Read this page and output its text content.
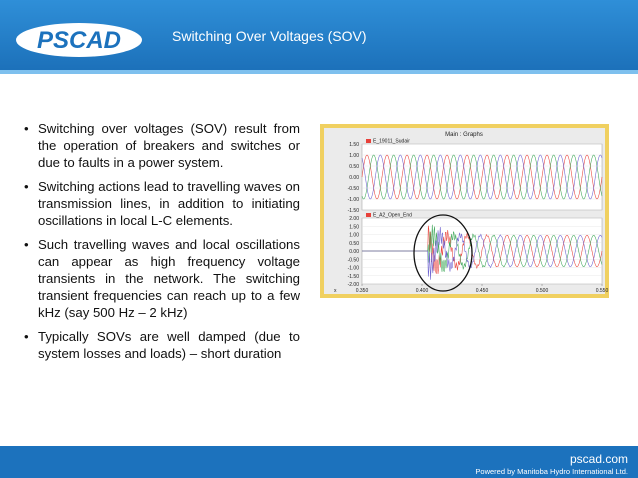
PSCAD	Switching Over Voltages (SOV)
• Switching over voltages (SOV) result from the operation of breakers and switches or due to faults in a power system.
• Switching actions lead to travelling waves on transmission lines, in addition to initiating oscillations in local L-C elements.
• Such travelling waves and local oscillations can appear as high frequency voltage transients in the network. The switching transient frequencies can reach up to a few kHz (say 500 Hz – 2 kHz)
• Typically SOVs are well damped (due to system losses and loads) – short duration
Main : Graphs
1.50
1.00
0.50
0.00
-0.50
-1.00
-1.50
E_19011_Sudair
2.00
1.50
1.00
0.50
0.00
-0.50
-1.00
-1.50
-2.00
E_A2_Open_End
0.350	0.400	0.450	0.500	0.550
x
pscad.com
Powered by Manitoba Hydro International Ltd.
